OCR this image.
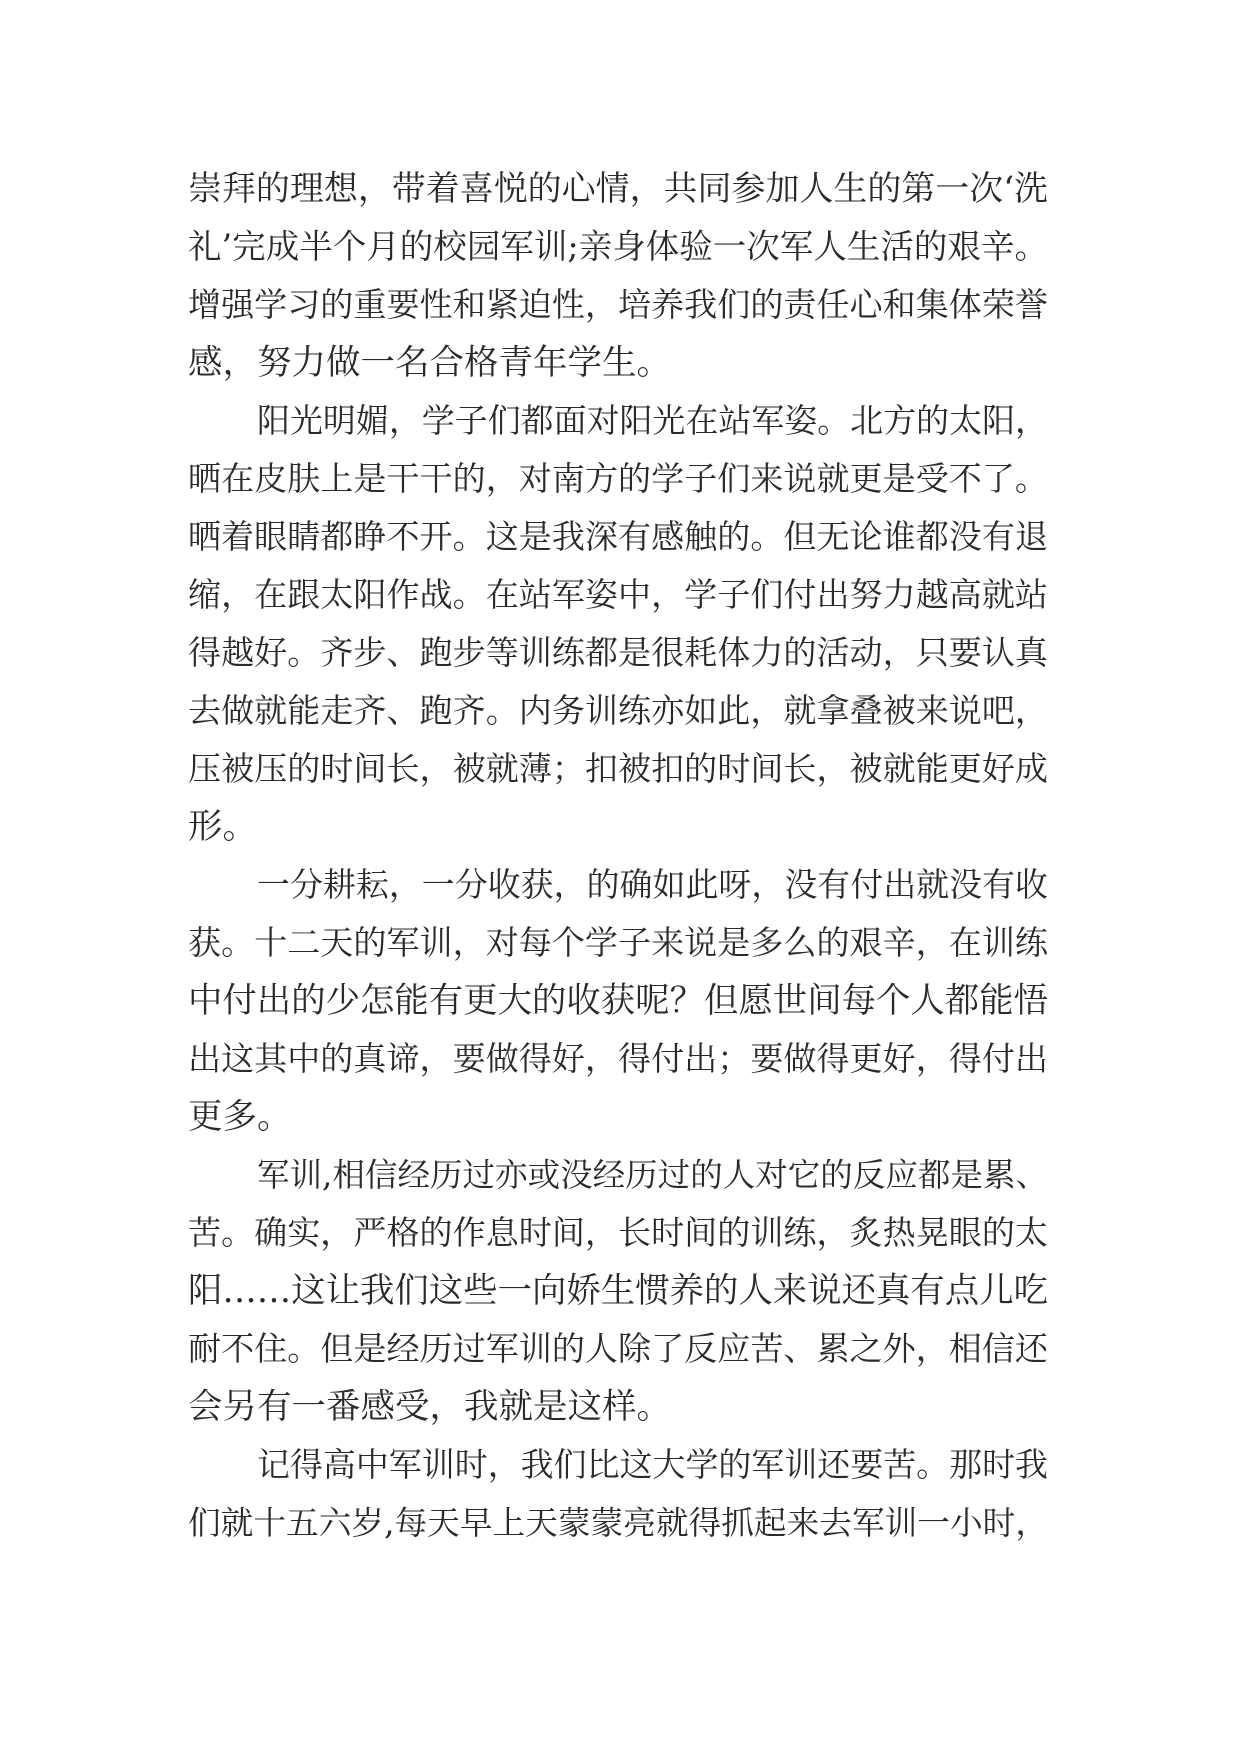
崇拜的理想，带着喜悦的心情，共同参加人生的第一次‘洗
礼’完成半个月的校园军训;亲身体验一次军人生活的艰辛。
增强学习的重要性和紧迫性，培养我们的责任心和集体荣誉
感，努力做一名合格青年学生。
阳光明媚，学子们都面对阳光在站军姿。北方的太阳，
晒在皮肤上是干干的，对南方的学子们来说就更是受不了。
晒着眼睛都睁不开。这是我深有感触的。但无论谁都没有退
缩，在跟太阳作战。在站军姿中，学子们付出努力越高就站
得越好。齐步、跑步等训练都是很耗体力的活动，只要认真
去做就能走齐、跑齐。内务训练亦如此，就拿叠被来说吧，
压被压的时间长，被就薄；扣被扣的时间长，被就能更好成
形。
一分耕耘，一分收获，的确如此呀，没有付出就没有收
获。十二天的军训，对每个学子来说是多么的艰辛，在训练
中付出的少怎能有更大的收获呢？但愿世间每个人都能悟
出这其中的真谛，要做得好，得付出；要做得更好，得付出
更多。
军训,相信经历过亦或没经历过的人对它的反应都是累、
苦。确实，严格的作息时间，长时间的训练，炙热晃眼的太
阳……这让我们这些一向娇生惯养的人来说还真有点儿吃
耐不住。但是经历过军训的人除了反应苦、累之外，相信还
会另有一番感受，我就是这样。
记得高中军训时，我们比这大学的军训还要苦。那时我
们就十五六岁,每天早上天蒙蒙亮就得抓起来去军训一小时，
